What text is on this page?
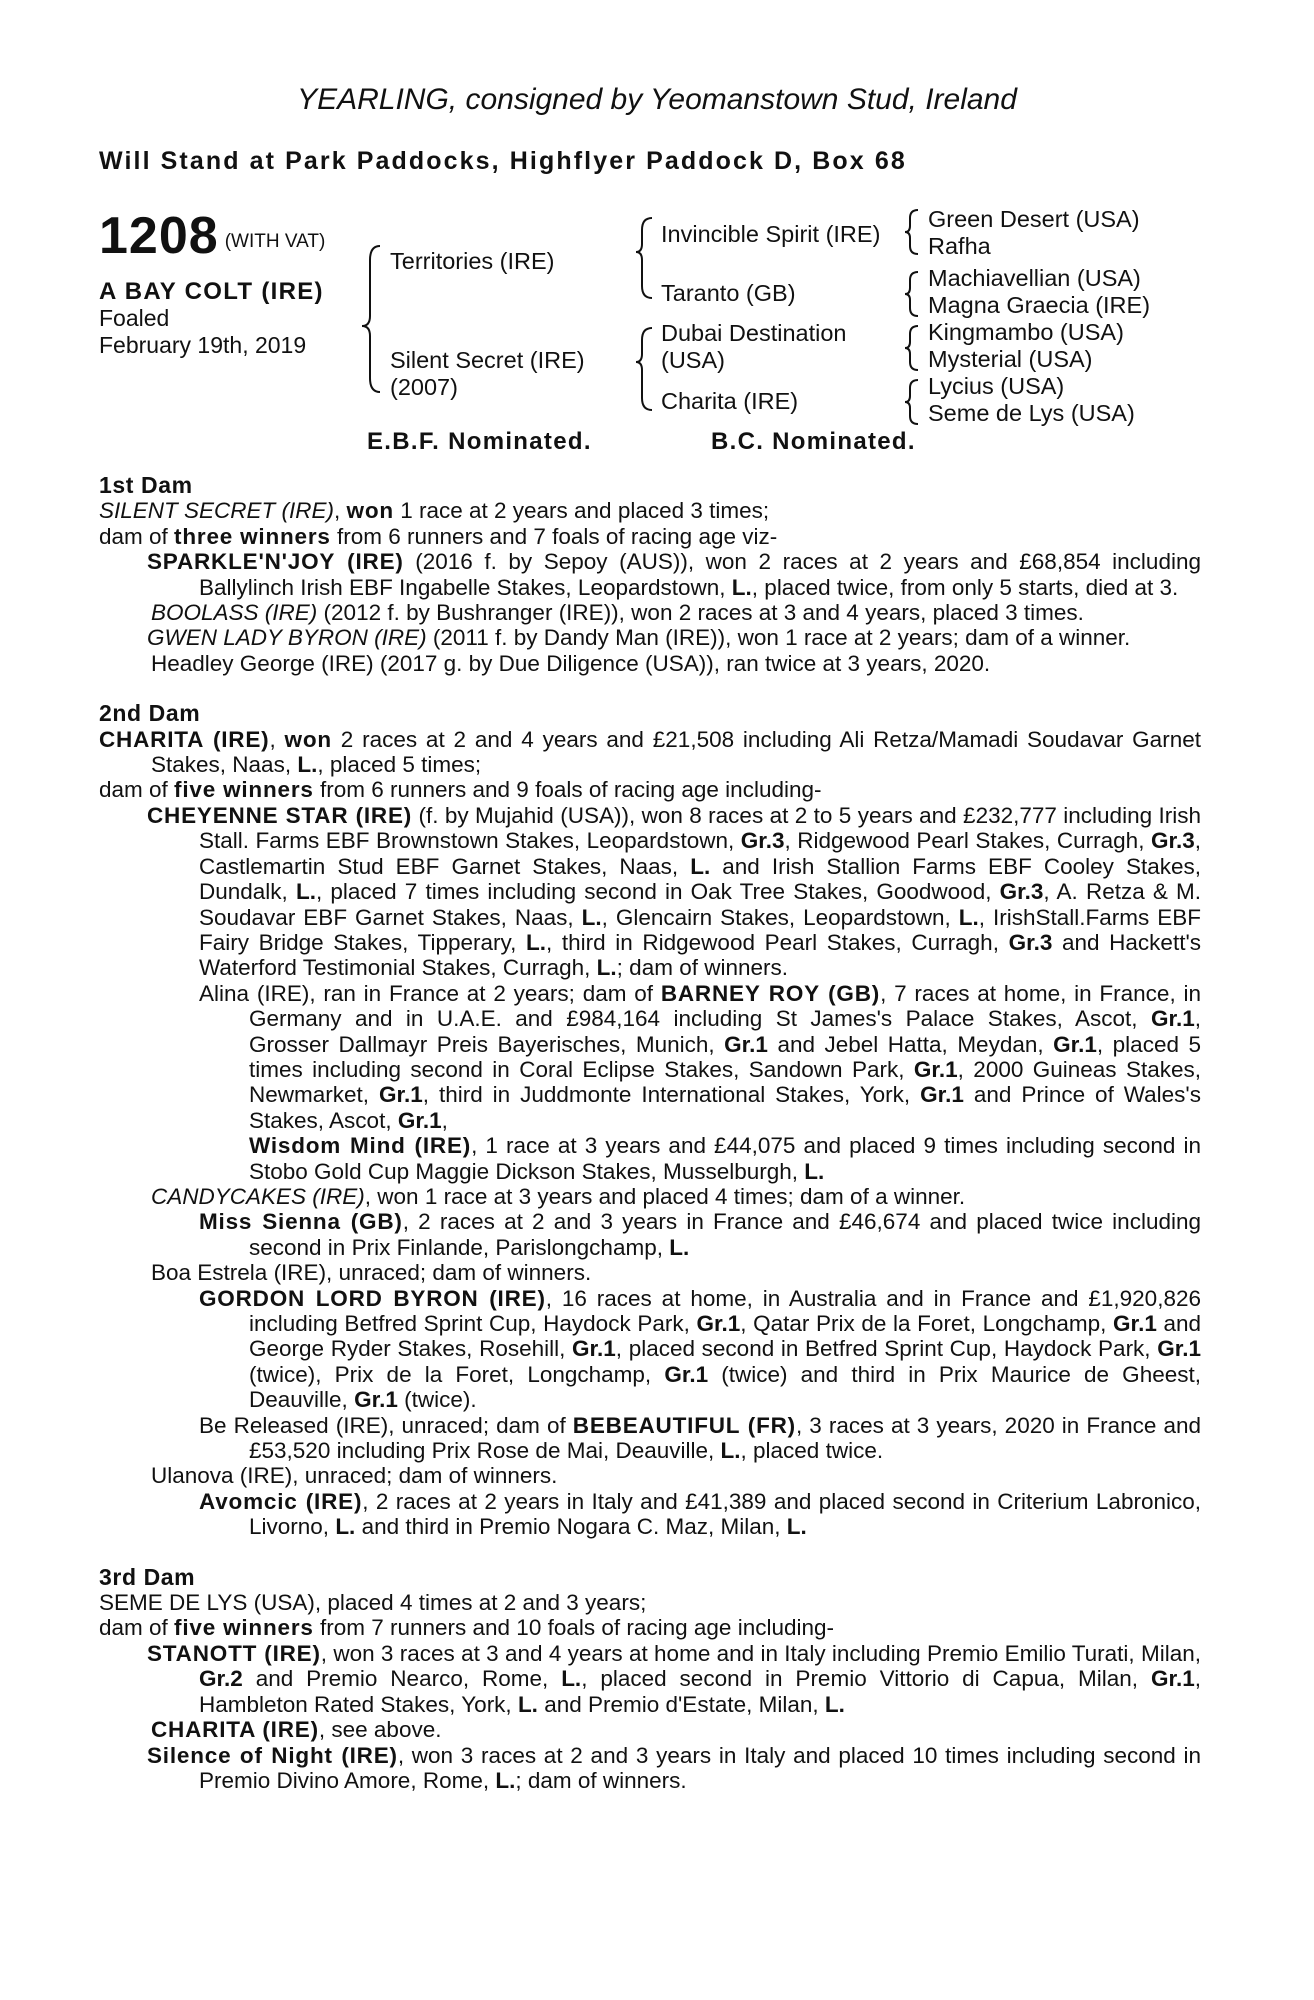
YEARLING, consigned by Yeomanstown Stud, Ireland
Will Stand at Park Paddocks, Highflyer Paddock D, Box 68
1208 (WITH VAT)
A BAY COLT (IRE)
Foaled
February 19th, 2019
Territories (IRE)
Silent Secret (IRE)
(2007)
Invincible Spirit (IRE)
Taranto (GB)
Dubai Destination
(USA)
Charita (IRE)
Green Desert (USA)
Rafha
Machiavellian (USA)
Magna Graecia (IRE)
Kingmambo (USA)
Mysterial (USA)
Lycius (USA)
Seme de Lys (USA)
E.B.F. Nominated.	B.C. Nominated.
1st Dam
SILENT SECRET (IRE), won 1 race at 2 years and placed 3 times;
dam of three winners from 6 runners and 7 foals of racing age viz-
SPARKLE'N'JOY (IRE) (2016 f. by Sepoy (AUS)), won 2 races at 2 years and £68,854 including Ballylinch Irish EBF Ingabelle Stakes, Leopardstown, L., placed twice, from only 5 starts, died at 3.
BOOLASS (IRE) (2012 f. by Bushranger (IRE)), won 2 races at 3 and 4 years, placed 3 times.
GWEN LADY BYRON (IRE) (2011 f. by Dandy Man (IRE)), won 1 race at 2 years; dam of a winner.
Headley George (IRE) (2017 g. by Due Diligence (USA)), ran twice at 3 years, 2020.
2nd Dam
CHARITA (IRE), won 2 races at 2 and 4 years and £21,508 including Ali Retza/Mamadi Soudavar Garnet Stakes, Naas, L., placed 5 times;
dam of five winners from 6 runners and 9 foals of racing age including-
CHEYENNE STAR (IRE) (f. by Mujahid (USA)), won 8 races at 2 to 5 years and £232,777 including Irish Stall. Farms EBF Brownstown Stakes, Leopardstown, Gr.3, Ridgewood Pearl Stakes, Curragh, Gr.3, Castlemartin Stud EBF Garnet Stakes, Naas, L. and Irish Stallion Farms EBF Cooley Stakes, Dundalk, L., placed 7 times including second in Oak Tree Stakes, Goodwood, Gr.3, A. Retza & M. Soudavar EBF Garnet Stakes, Naas, L., Glencairn Stakes, Leopardstown, L., IrishStall.Farms EBF Fairy Bridge Stakes, Tipperary, L., third in Ridgewood Pearl Stakes, Curragh, Gr.3 and Hackett's Waterford Testimonial Stakes, Curragh, L.; dam of winners.
Alina (IRE), ran in France at 2 years; dam of BARNEY ROY (GB), 7 races at home, in France, in Germany and in U.A.E. and £984,164 including St James's Palace Stakes, Ascot, Gr.1, Grosser Dallmayr Preis Bayerisches, Munich, Gr.1 and Jebel Hatta, Meydan, Gr.1, placed 5 times including second in Coral Eclipse Stakes, Sandown Park, Gr.1, 2000 Guineas Stakes, Newmarket, Gr.1, third in Juddmonte International Stakes, York, Gr.1 and Prince of Wales's Stakes, Ascot, Gr.1,
Wisdom Mind (IRE), 1 race at 3 years and £44,075 and placed 9 times including second in Stobo Gold Cup Maggie Dickson Stakes, Musselburgh, L.
CANDYCAKES (IRE), won 1 race at 3 years and placed 4 times; dam of a winner.
Miss Sienna (GB), 2 races at 2 and 3 years in France and £46,674 and placed twice including second in Prix Finlande, Parislongchamp, L.
Boa Estrela (IRE), unraced; dam of winners.
GORDON LORD BYRON (IRE), 16 races at home, in Australia and in France and £1,920,826 including Betfred Sprint Cup, Haydock Park, Gr.1, Qatar Prix de la Foret, Longchamp, Gr.1 and George Ryder Stakes, Rosehill, Gr.1, placed second in Betfred Sprint Cup, Haydock Park, Gr.1 (twice), Prix de la Foret, Longchamp, Gr.1 (twice) and third in Prix Maurice de Gheest, Deauville, Gr.1 (twice).
Be Released (IRE), unraced; dam of BEBEAUTIFUL (FR), 3 races at 3 years, 2020 in France and £53,520 including Prix Rose de Mai, Deauville, L., placed twice.
Ulanova (IRE), unraced; dam of winners.
Avomcic (IRE), 2 races at 2 years in Italy and £41,389 and placed second in Criterium Labronico, Livorno, L. and third in Premio Nogara C. Maz, Milan, L.
3rd Dam
SEME DE LYS (USA), placed 4 times at 2 and 3 years;
dam of five winners from 7 runners and 10 foals of racing age including-
STANOTT (IRE), won 3 races at 3 and 4 years at home and in Italy including Premio Emilio Turati, Milan, Gr.2 and Premio Nearco, Rome, L., placed second in Premio Vittorio di Capua, Milan, Gr.1, Hambleton Rated Stakes, York, L. and Premio d'Estate, Milan, L.
CHARITA (IRE), see above.
Silence of Night (IRE), won 3 races at 2 and 3 years in Italy and placed 10 times including second in Premio Divino Amore, Rome, L.; dam of winners.
